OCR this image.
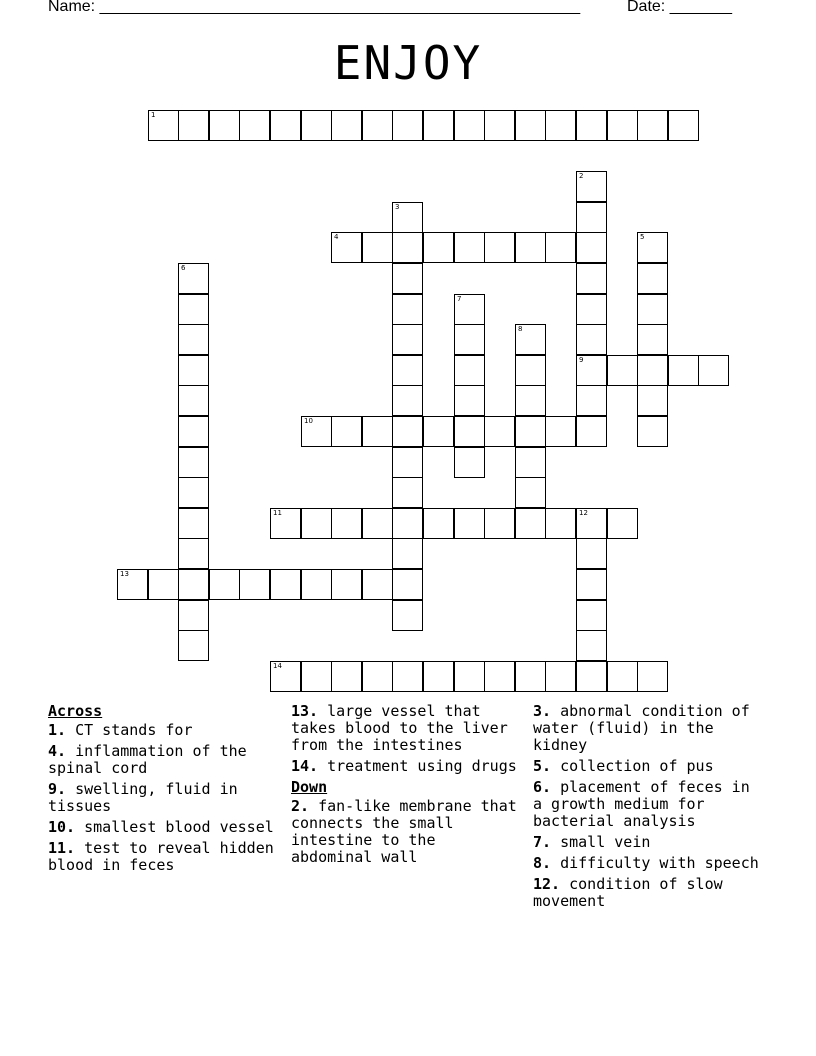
Name: ______________________________________________________	Date: _______
ENJOY
1
2
9
3
4	5
6
7
8
10
11	12
13
14
Across
1. CT stands for
4. inflammation of the spinal cord
9. swelling, fluid in tissues
10. smallest blood vessel
11. test to reveal hidden blood in feces
13. large vessel that takes blood to the liver from the intestines
14. treatment using drugs
Down
2. fan-like membrane that connects the small intestine to the abdominal wall
3. abnormal condition of water (fluid) in the kidney
5. collection of pus
6. placement of feces in a growth medium for bacterial analysis
7. small vein
8. difficulty with speech
12. condition of slow movement
